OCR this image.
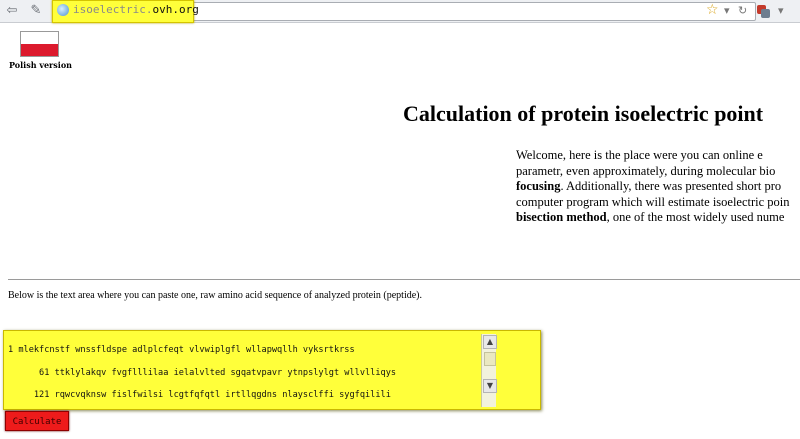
⇦ ✎	isoelectric.ovh.org	☆ ▾ ↻	▾
Polish version
Calculation of protein isoelectric point
Welcome, here is the place were you can online e
parametr, even approximately, during molecular bio
focusing. Additionally, there was presented short pro
computer program which will estimate isoelectric poin
bisection method, one of the most widely used nume
Below is the text area where you can paste one, raw amino acid sequence of analyzed protein (peptide).

1 mlekfcnstf wnssfldspe adlplcfeqt vlvwiplgfl wllapwqllh vyksrtkrss

61 ttklylakqv fvgflllilaa ielalvlted sgqatvpavr ytnpslylgt wllvlliqys

121 rqwcvqknsw fislfwilsi lcgtfqfqtl irtllqgdns nlaysclffi sygfqilili

▲
▼
Calculate
